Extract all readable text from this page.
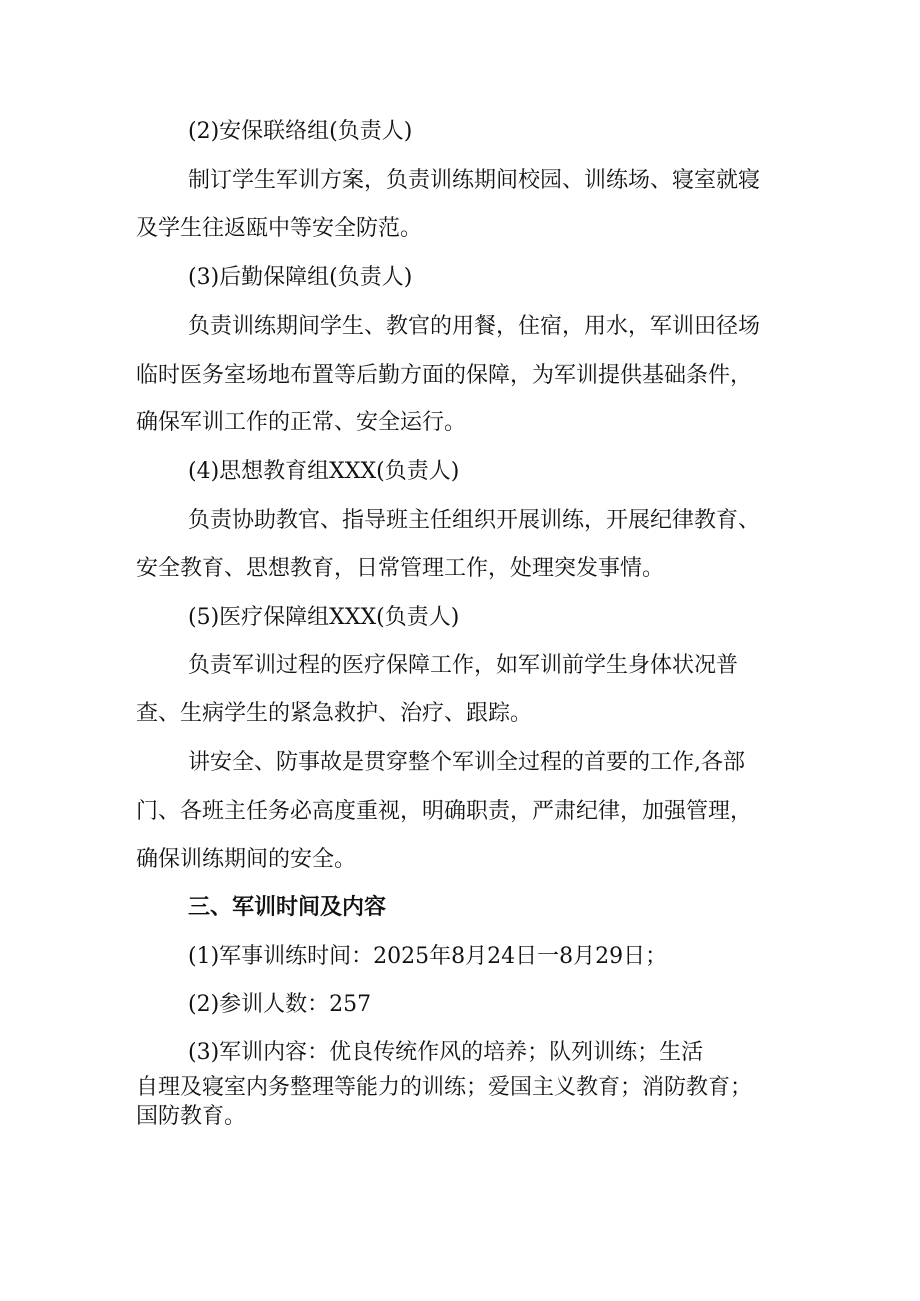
(2)安保联络组(负责人)
制订学生军训方案，负责训练期间校园、训练场、寝室就寝
及学生往返瓯中等安全防范。
(3)后勤保障组(负责人)
负责训练期间学生、教官的用餐，住宿，用水，军训田径场
临时医务室场地布置等后勤方面的保障，为军训提供基础条件，
确保军训工作的正常、安全运行。
(4)思想教育组XXX(负责人)
负责协助教官、指导班主任组织开展训练，开展纪律教育、
安全教育、思想教育，日常管理工作，处理突发事情。
(5)医疗保障组XXX(负责人)
负责军训过程的医疗保障工作，如军训前学生身体状况普
查、生病学生的紧急救护、治疗、跟踪。
讲安全、防事故是贯穿整个军训全过程的首要的工作,各部
门、各班主任务必高度重视，明确职责，严肃纪律，加强管理，
确保训练期间的安全。
三、军训时间及内容
(1)军事训练时间：2025年8月24日一8月29日；
(2)参训人数：257
(3)军训内容：优良传统作风的培养；队列训练；生活
自理及寝室内务整理等能力的训练；爱国主义教育；消防教育；
国防教育。
